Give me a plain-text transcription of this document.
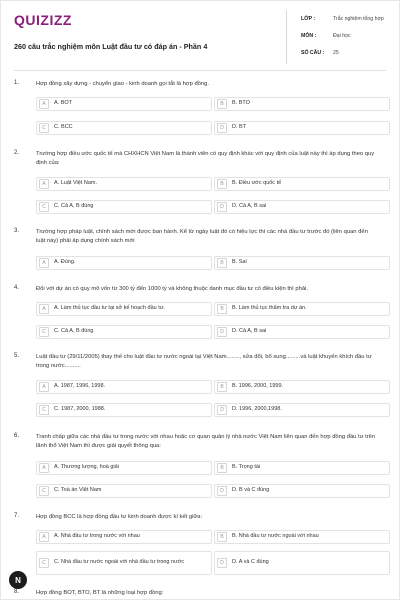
QUIZIZZ
260 câu trắc nghiệm môn Luật đầu tư có đáp án - Phần 4
LỚP :	Trắc nghiệm tổng hợp
MÔN :	Đại học
SỐ CÂU :	25
1.	Hợp đồng xây dựng - chuyển giao - kinh doanh gọi tắt là hợp đồng.
A	A. BOT	B	B. BTO
C	C. BCC	D	D. BT
2.	Trường hợp điều ước quốc tế mà CHXHCN Việt Nam là thành viên có quy định khác với quy định của luật này thì áp dụng theo quy định của:
A	A. Luật Việt Nam.	B	B. Điều ước quốc tế
C	C. Cả A, B đúng	D	D. Cả A, B sai
3.	Trường hợp pháp luật, chính sách mới được ban hành. Kể từ ngày luật đó có hiệu lực thì các nhà đầu tư trước đó (liên quan đến luật này) phải áp dụng chính sách mới
A	A. Đúng.	B	B. Sai
4.	Đối với dự án có quy mô vốn từ 300 tỷ đến 1000 tỷ và không thuộc danh mục đầu tư có điều kiện thì phải.
A	A. Làm thủ tục đầu tư tại sở kế hoạch đầu tư.	B	B. Làm thủ tục thẩm tra dự án.
C	C. Cả A, B đúng	D	D. Cả A, B sai
5.	Luật đầu tư (29/11/2005) thay thế cho luật đầu tư nước ngoài tại Việt Nam........, sửa đổi, bổ sung.........và luật khuyến khích đầu tư trong nước..........
A	A. 1987, 1996, 1998.	B	B. 1996, 2000, 1999.
C	C. 1987, 2000, 1988.	D	D. 1996, 2000,1998.
6.	Tranh chấp giữa các nhà đầu tư trong nước với nhau hoặc cơ quan quản lý nhà nước Việt Nam liên quan đến hợp đồng đầu tư trên lãnh thổ Việt Nam thì được giải quyết thông qua:
A	A. Thương lượng, hoà giải	B	B. Trọng tài
C	C. Toà án Việt Nam	D	D. B và C đúng
7.	Hợp đồng BCC là hợp đồng đầu tư kinh doanh được kí kết giữa:
A	A. Nhà đầu tư trong nước với nhau	B	B. Nhà đầu tư nước ngoài với nhau
C	C. Nhà đầu tư nước ngoài với nhà đầu tư trong nước	D	D. A và C đúng
8.	Hợp đồng BOT, BTO, BT là những loại hợp đồng:
N
